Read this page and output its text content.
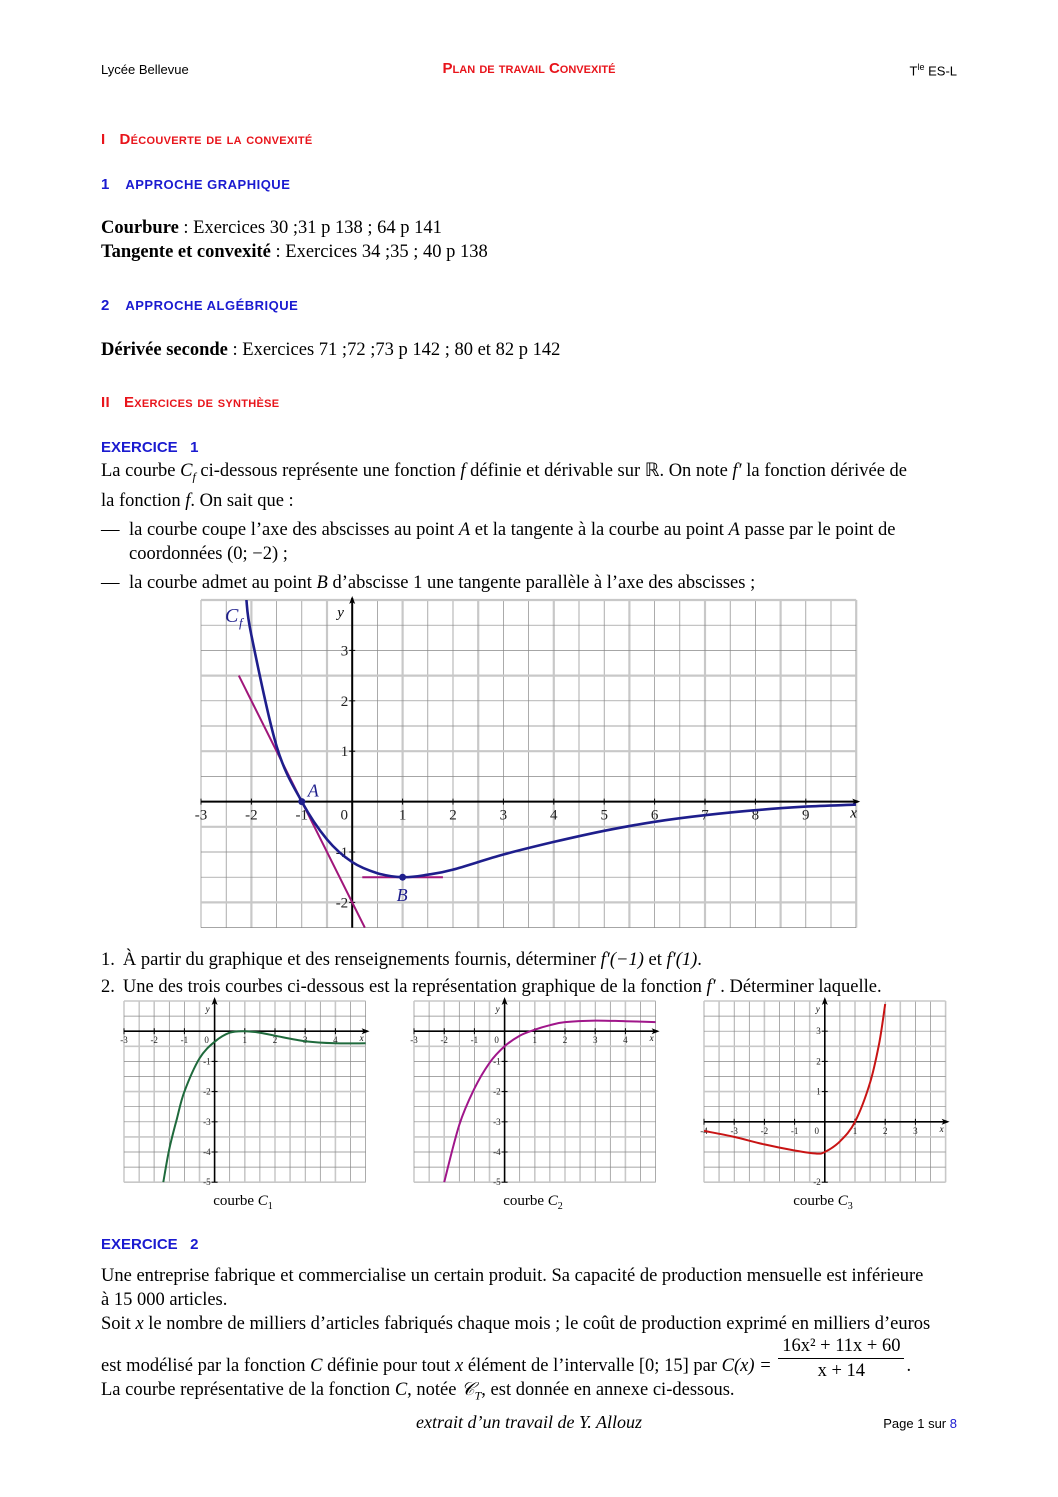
Lycée Bellevue	Plan de travail Convexité	$T^{le}$ ES-L
I Découverte de la convexité
1 APPROCHE GRAPHIQUE
Courbure : Exercices 30 ;31 p 138 ; 64 p 141
Tangente et convexité : Exercices 34 ;35 ; 40 p 138
2 APPROCHE ALGÉBRIQUE
Dérivée seconde : Exercices 71 ;72 ;73 p 142 ; 80 et 82 p 142
II Exercices de synthèse
EXERCICE   1
La courbe $C_f$ ci-dessous représente une fonction f définie et dérivable sur ℝ. On note f′ la fonction dérivée de
la fonction f. On sait que :
— la courbe coupe l’axe des abscisses au point A et la tangente à la courbe au point A passe par le point de
coordonnées (0; −2) ;
— la courbe admet au point B d’abscisse 1 une tangente parallèle à l’axe des abscisses ;
-3	-2	-1 0	1	2	3	4	5	6	7	8	9
3
2
1
-1
-2
x
y
A
B
C f
1. À partir du graphique et des renseignements fournis, déterminer f′(−1) et f′(1).
2. Une des trois courbes ci-dessous est la représentation graphique de la fonction f′ . Déterminer laquelle.
-3	-2	-1 0	1	2	3	4
-1
-2
-3
-4
-5
x
y
-3	-2	-1 0	1	2	3	4
-1
-2
-3
-4
-5
x
y
-4	-3	-2	-1 0	1	2	3
3
2
1
-2
x
y
courbe $C_1$	courbe $C_2$	courbe $C_3$
EXERCICE   2
Une entreprise fabrique et commercialise un certain produit. Sa capacité de production mensuelle est inférieure
à 15 000 articles.
Soit x le nombre de milliers d’articles fabriqués chaque mois ; le coût de production exprimé en milliers d’euros
est modélisé par la fonction C définie pour tout x élément de l’intervalle [0; 15] par $C(x) = \frac{\text{16x² + 11x + 60}}{x + 14}$ .
La courbe représentative de la fonction C, notée 𝒞$_T$, est donnée en annexe ci-dessous.
extrait d’un travail de Y. Allouz	Page 1 sur 8
